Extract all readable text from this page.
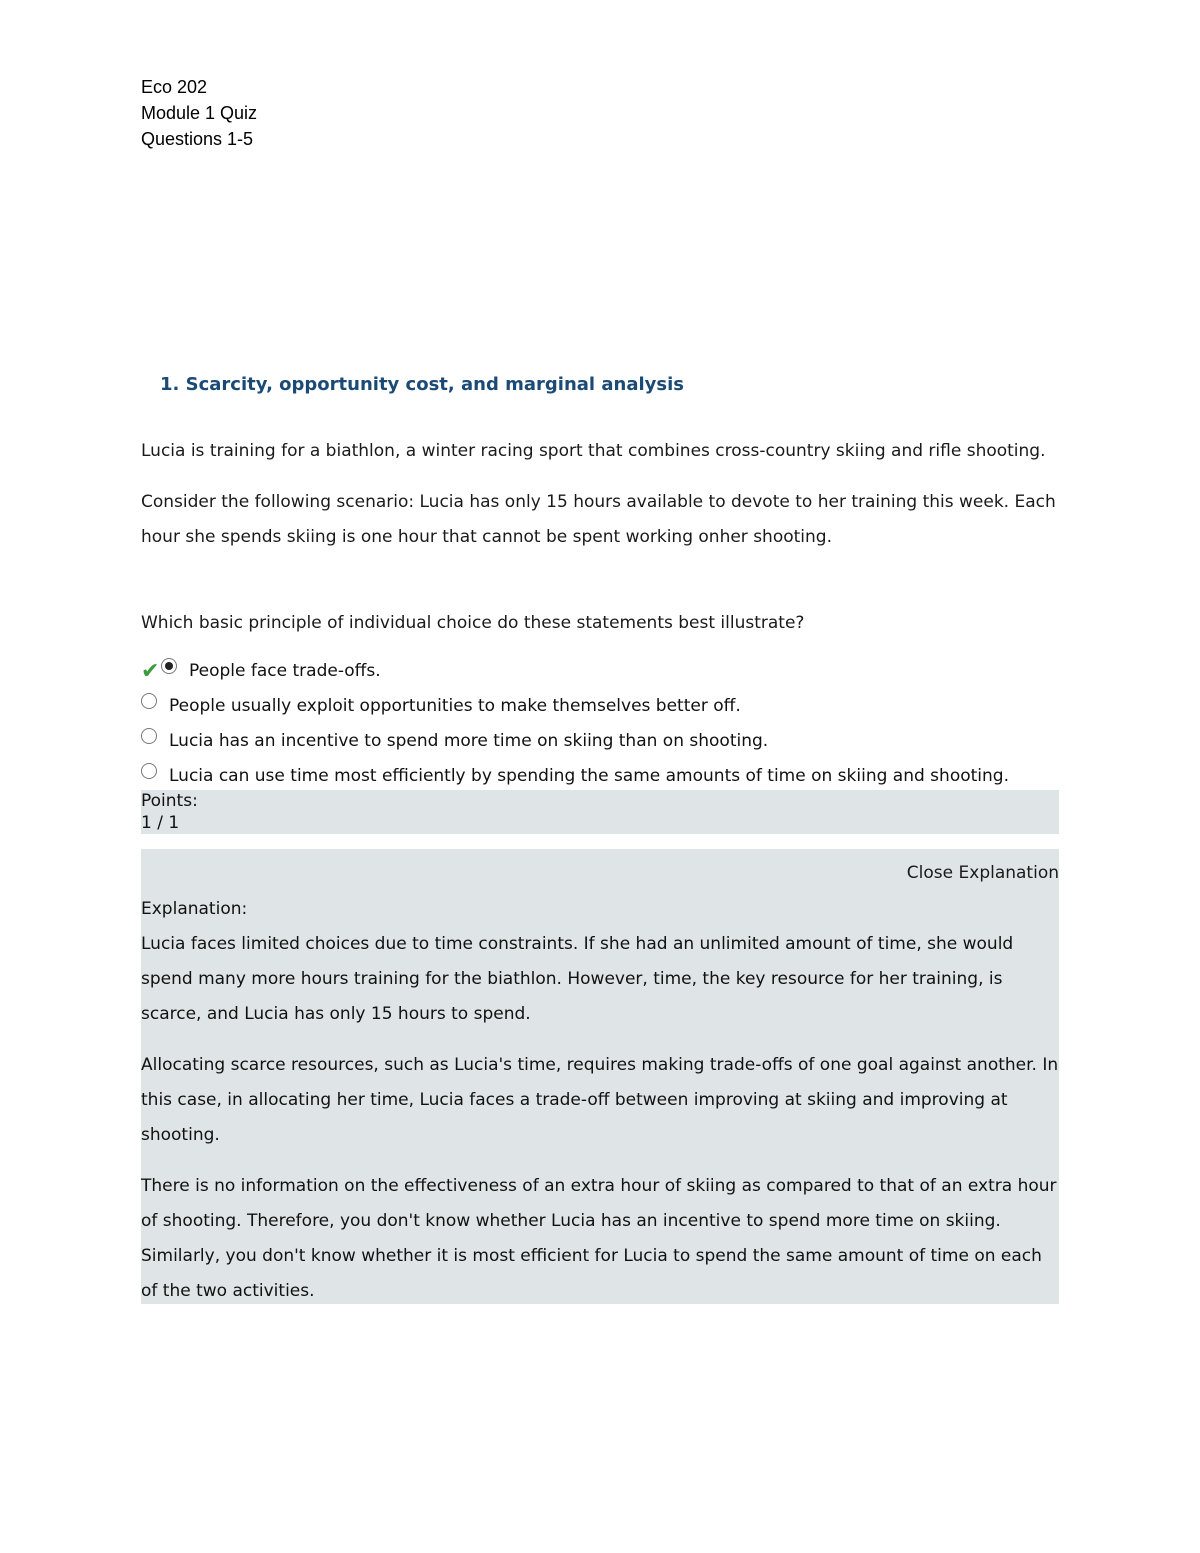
Eco 202
Module 1 Quiz
Questions 1-5
1. Scarcity, opportunity cost, and marginal analysis

Lucia is training for a biathlon, a winter racing sport that combines cross-country skiing and rifle shooting.

Consider the following scenario: Lucia has only 15 hours available to devote to her training this week. Each hour she spends skiing is one hour that cannot be spent working onher shooting.

Which basic principle of individual choice do these statements best illustrate?

✔ People face trade-offs.
People usually exploit opportunities to make themselves better off.
Lucia has an incentive to spend more time on skiing than on shooting.
Lucia can use time most efficiently by spending the same amounts of time on skiing and shooting.
Points:
1 / 1
Close Explanation
Explanation:

Lucia faces limited choices due to time constraints. If she had an unlimited amount of time, she would spend many more hours training for the biathlon. However, time, the key resource for her training, is scarce, and Lucia has only 15 hours to spend.

Allocating scarce resources, such as Lucia's time, requires making trade-offs of one goal against another. In this case, in allocating her time, Lucia faces a trade-off between improving at skiing and improving at shooting.

There is no information on the effectiveness of an extra hour of skiing as compared to that of an extra hour of shooting. Therefore, you don't know whether Lucia has an incentive to spend more time on skiing. Similarly, you don't know whether it is most efficient for Lucia to spend the same amount of time on each of the two activities.
